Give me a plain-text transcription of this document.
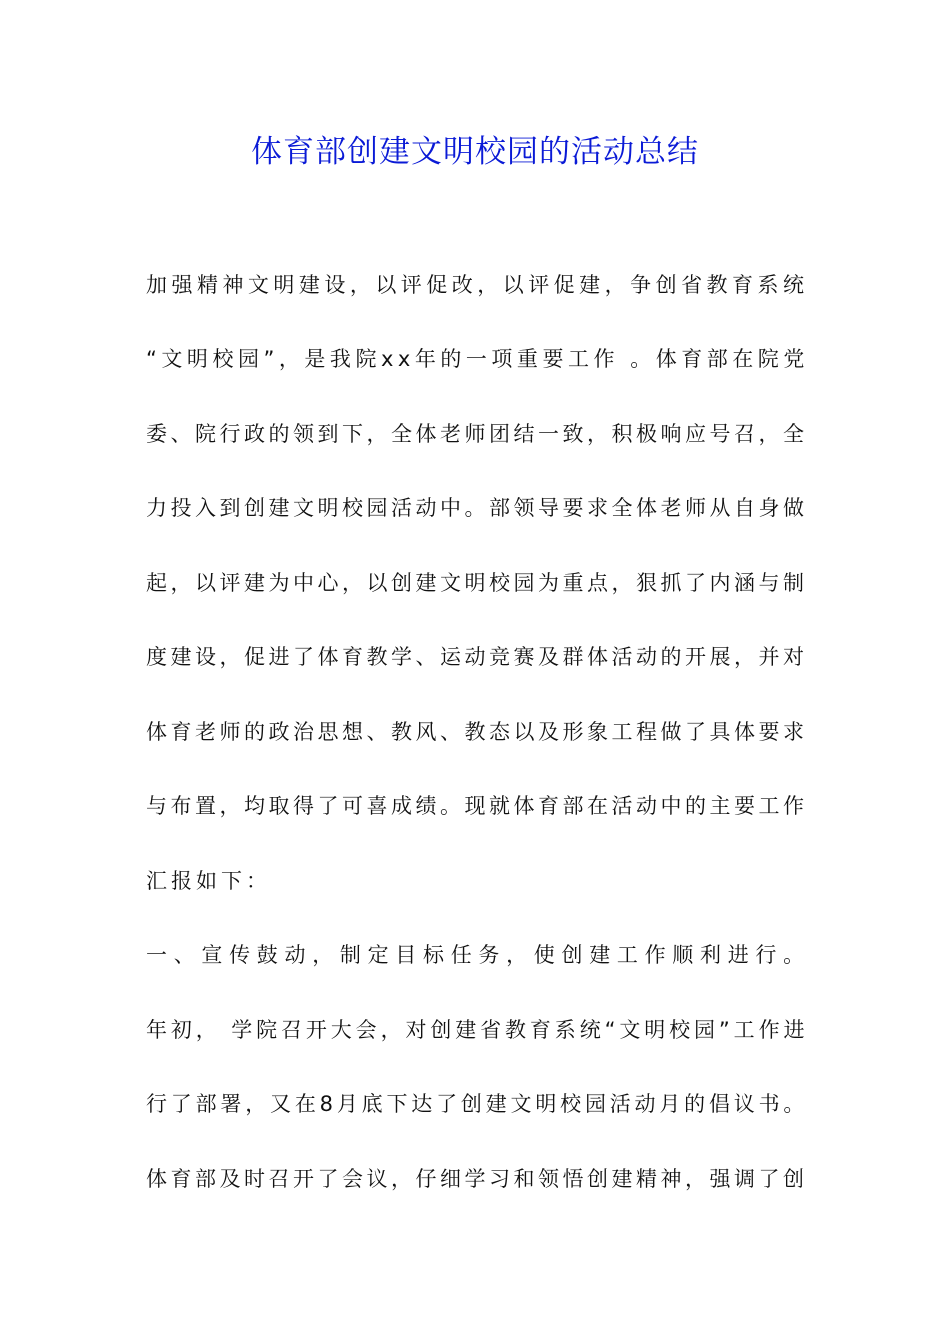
体育部创建文明校园的活动总结
加强精神文明建设，以评促改，以评促建，争创省教育系统
“文明校园”，是我院xx年的一项重要工作 。体育部在院党
委、院行政的领到下，全体老师团结一致，积极响应号召，全
力投入到创建文明校园活动中。部领导要求全体老师从自身做
起，以评建为中心，以创建文明校园为重点，狠抓了内涵与制
度建设，促进了体育教学、运动竞赛及群体活动的开展，并对
体育老师的政治思想、教风、教态以及形象工程做了具体要求
与布置，均取得了可喜成绩。现就体育部在活动中的主要工作
汇报如下：
一、宣传鼓动，制定目标任务，使创建工作顺利进行。
年初， 学院召开大会，对创建省教育系统“文明校园”工作进
行了部署，又在8月底下达了创建文明校园活动月的倡议书。
体育部及时召开了会议，仔细学习和领悟创建精神，强调了创
